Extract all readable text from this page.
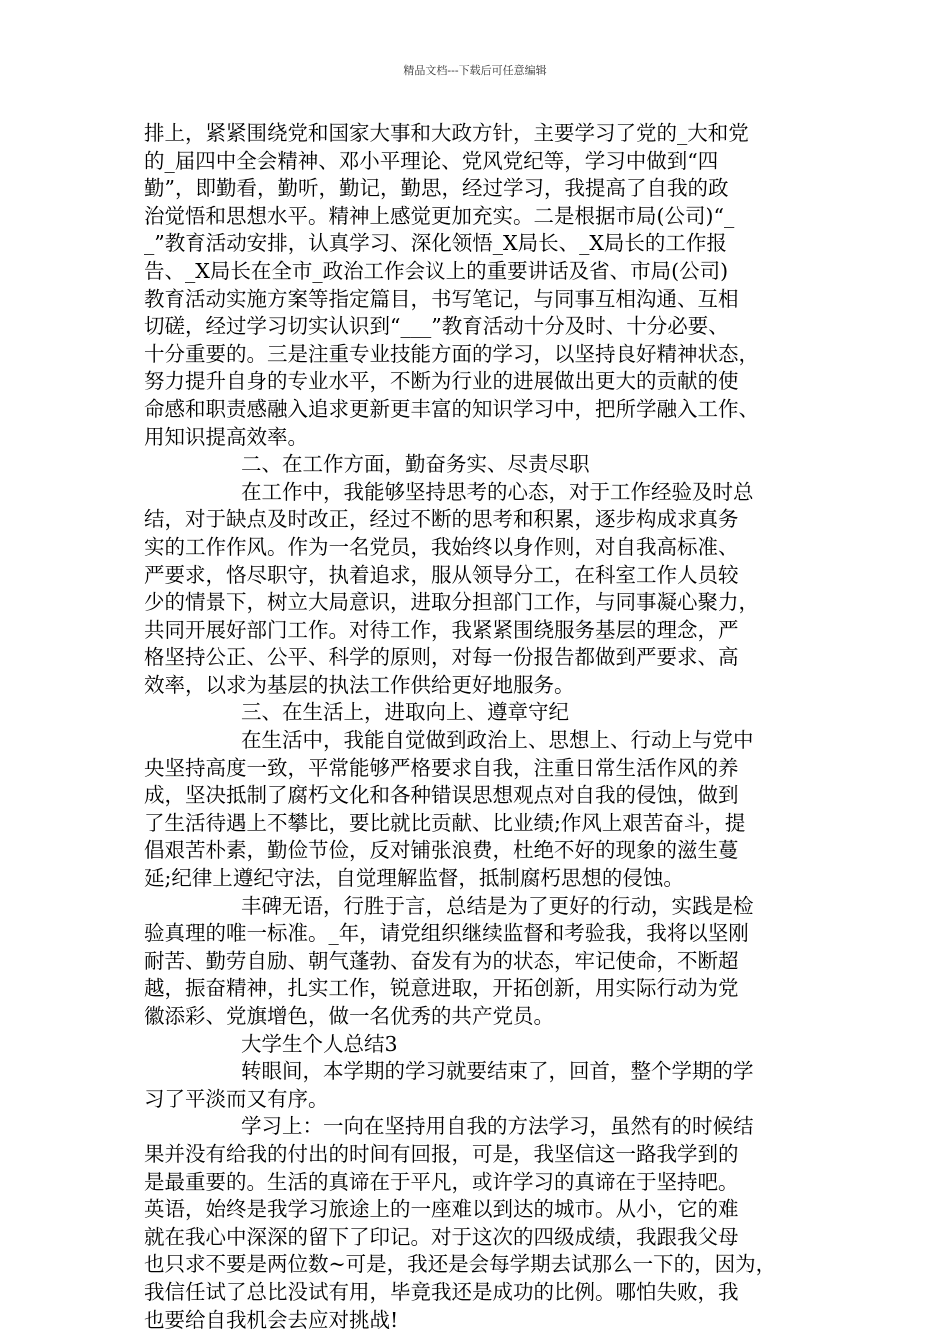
精品文档---下载后可任意编辑
排上，紧紧围绕党和国家大事和大政方针，主要学习了党的_大和党
的_届四中全会精神、邓小平理论、党风党纪等，学习中做到“四
勤”，即勤看，勤听，勤记，勤思，经过学习，我提高了自我的政
治觉悟和思想水平。精神上感觉更加充实。二是根据市局(公司)“_
_”教育活动安排，认真学习、深化领悟_X局长、_X局长的工作报
告、_X局长在全市_政治工作会议上的重要讲话及省、市局(公司)
教育活动实施方案等指定篇目，书写笔记，与同事互相沟通、互相
切磋，经过学习切实认识到“___”教育活动十分及时、十分必要、
十分重要的。三是注重专业技能方面的学习，以坚持良好精神状态，
努力提升自身的专业水平，不断为行业的进展做出更大的贡献的使
命感和职责感融入追求更新更丰富的知识学习中，把所学融入工作、
用知识提高效率。
二、在工作方面，勤奋务实、尽责尽职
在工作中，我能够坚持思考的心态，对于工作经验及时总
结，对于缺点及时改正，经过不断的思考和积累，逐步构成求真务
实的工作作风。作为一名党员，我始终以身作则，对自我高标准、
严要求，恪尽职守，执着追求，服从领导分工，在科室工作人员较
少的情景下，树立大局意识，进取分担部门工作，与同事凝心聚力，
共同开展好部门工作。对待工作，我紧紧围绕服务基层的理念，严
格坚持公正、公平、科学的原则，对每一份报告都做到严要求、高
效率，以求为基层的执法工作供给更好地服务。
三、在生活上，进取向上、遵章守纪
在生活中，我能自觉做到政治上、思想上、行动上与党中
央坚持高度一致，平常能够严格要求自我，注重日常生活作风的养
成，坚决抵制了腐朽文化和各种错误思想观点对自我的侵蚀，做到
了生活待遇上不攀比，要比就比贡献、比业绩;作风上艰苦奋斗，提
倡艰苦朴素，勤俭节俭，反对铺张浪费，杜绝不好的现象的滋生蔓
延;纪律上遵纪守法，自觉理解监督，抵制腐朽思想的侵蚀。
丰碑无语，行胜于言，总结是为了更好的行动，实践是检
验真理的唯一标准。_年，请党组织继续监督和考验我，我将以坚刚
耐苦、勤劳自励、朝气蓬勃、奋发有为的状态，牢记使命，不断超
越，振奋精神，扎实工作，锐意进取，开拓创新，用实际行动为党
徽添彩、党旗增色，做一名优秀的共产党员。
大学生个人总结3
转眼间，本学期的学习就要结束了，回首，整个学期的学
习了平淡而又有序。
学习上：一向在坚持用自我的方法学习，虽然有的时候结
果并没有给我的付出的时间有回报，可是，我坚信这一路我学到的
是最重要的。生活的真谛在于平凡，或许学习的真谛在于坚持吧。
英语，始终是我学习旅途上的一座难以到达的城市。从小，它的难
就在我心中深深的留下了印记。对于这次的四级成绩，我跟我父母
也只求不要是两位数~可是，我还是会每学期去试那么一下的，因为，
我信任试了总比没试有用，毕竟我还是成功的比例。哪怕失败，我
也要给自我机会去应对挑战!
